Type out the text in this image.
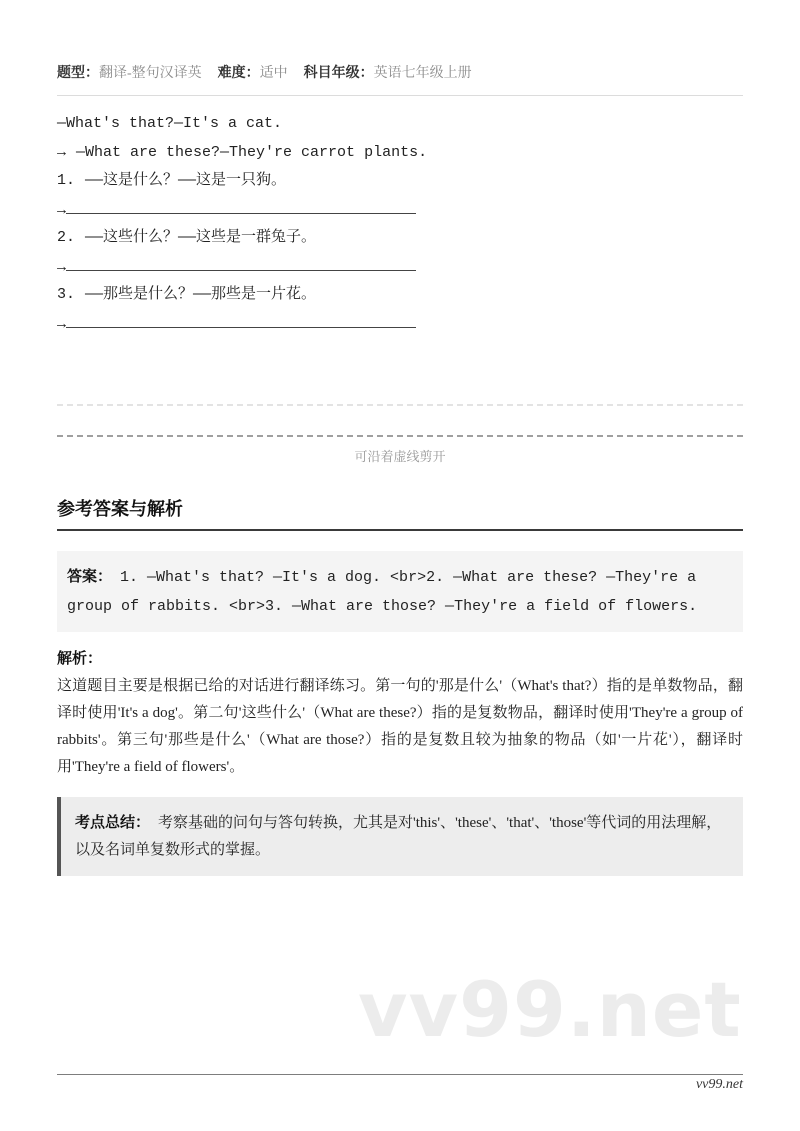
题型：翻译-整句汉译英 难度：适中 科目年级：英语七年级上册
—What's that?—It's a cat.
→ —What are these?—They're carrot plants.
1. ——这是什么？——这是一只狗。
→
2. ——这些什么？——这些是一群兔子。
→
3. ——那些是什么？——那些是一片花。
→
可沿着虚线剪开
参考答案与解析
答案： 1. —What's that? —It's a dog. <br>2. —What are these? —They're a group of rabbits. <br>3. —What are those? —They're a field of flowers.
解析：
这道题目主要是根据已给的对话进行翻译练习。第一句的'那是什么'（What's that?）指的是单数物品，翻译时使用'It's a dog'。第二句'这些什么'（What are these?）指的是复数物品，翻译时使用'They're a group of rabbits'。第三句'那些是什么'（What are those?）指的是复数且较为抽象的物品（如'一片花'），翻译时用'They're a field of flowers'。
考点总结： 考察基础的问句与答句转换，尤其是对'this'、'these'、'that'、'those'等代词的用法理解，以及名词单复数形式的掌握。
vv99.net
vv99.net
